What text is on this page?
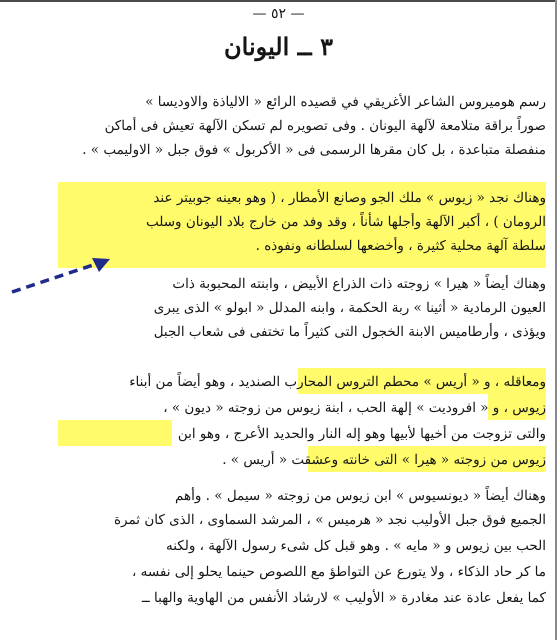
— ٥٢ —
٣ ــ اليونان
رسم هوميروس الشاعر الأغريقي في قصيده الرائع « الالياذة والاوديسا »
صوراً براقة متلامعة لآلهة اليونان . وفى تصويره لم تسكن الآلهة تعيش فى أماكن
منفصلة متباعدة ، بل كان مقرها الرسمى فى « الأكربول » فوق جبل « الاوليمب » .
وهناك نجد « زيوس » ملك الجو وصانع الأمطار ، ( وهو بعينه جوبيتر عند
الرومان ) ، أكبر الآلهة وأجلها شأناً ، وقد وفد من خارج بلاد اليونان وسلب
سلطة آلهة محلية كثيرة ، وأخضعها لسلطانه ونفوذه .
وهناك أيضاً « هيرا » زوجته ذات الذراع الأبيض ، وابنته المحبوبة ذات
العيون الرمادية « أثينا » ربة الحكمة ، وابنه المدلل « ابولو » الذى يبرى
ويؤذى ، وأرطاميس الابنة الخجول التى كثيراً ما تختفى فى شعاب الجبل
ومعاقله ، و « أريس » محطم التروس المحارب الصنديد ، وهو أيضاً من أبناء
زيوس ، و « افروديت » إلهة الحب ، ابنة زيوس من زوجته « ديون » ،
والتى تزوجت من أخيها لأبيها وهو إله النار والحديد الأعرج ، وهو ابن
زيوس من زوجته « هيرا » التى خانته وعشقت « أريس » .
وهناك أيضاً « ديونسيوس » ابن زيوس من زوجته « سيمل » . وأهم
الجميع فوق جبل الأوليب نجد « هرميس » ، المرشد السماوى ، الذى كان ثمرة
الحب بين زيوس و « مايه » . وهو قبل كل شىء رسول الآلهة ، ولكنه
ما كر حاد الذكاء ، ولا يتورع عن التواطؤ مع اللصوص حينما يحلو إلى نفسه ،
كما يفعل عادة عند مغادرة « الأوليب » لارشاد الأنفس من الهاوية والهبا ــ
